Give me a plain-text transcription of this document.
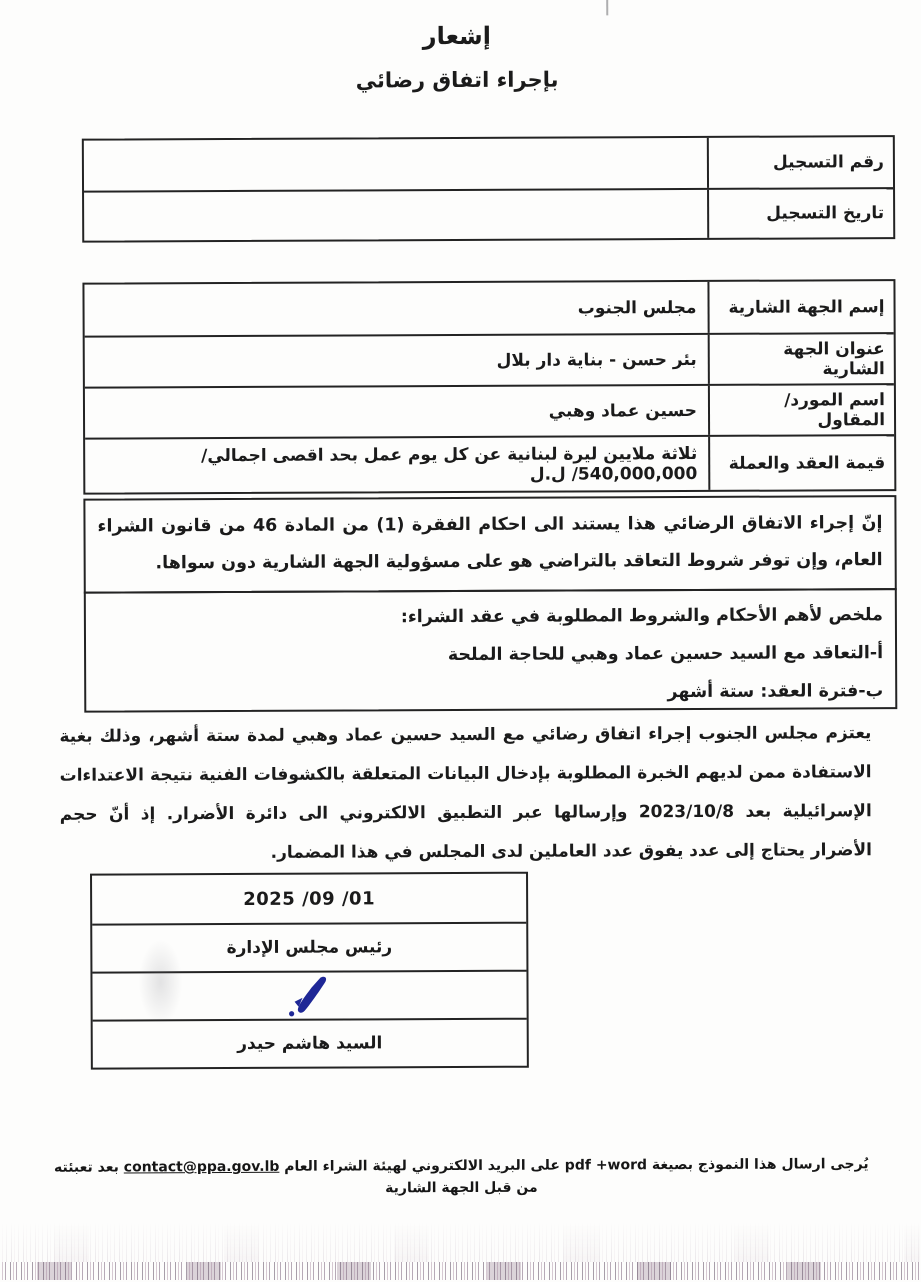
إشعار
بإجراء اتفاق رضائي
رقم التسجيل
تاريخ التسجيل
إسم الجهة الشارية
مجلس الجنوب
عنوان الجهة الشارية
بئر حسن - بناية دار بلال
اسم المورد/المقاول
حسين عماد وهبي
قيمة العقد والعملة
ثلاثة ملايين ليرة لبنانية عن كل يوم عمل بحد اقصى اجمالي/ 540,000,000/ ل.ل
إنّ إجراء الاتفاق الرضائي هذا يستند الى احكام الفقرة (1) من المادة 46 من قانون الشراء العام، وإن توفر شروط التعاقد بالتراضي هو على مسؤولية الجهة الشارية دون سواها.
ملخص لأهم الأحكام والشروط المطلوبة في عقد الشراء:
أ-التعاقد مع السيد حسين عماد وهبي للحاجة الملحة
ب-فترة العقد: ستة أشهر
يعتزم مجلس الجنوب إجراء اتفاق رضائي مع السيد حسين عماد وهبي لمدة ستة أشهر، وذلك بغية الاستفادة ممن لديهم الخبرة المطلوبة بإدخال البيانات المتعلقة بالكشوفات الفنية نتيجة الاعتداءات الإسرائيلية بعد 2023/10/8 وإرسالها عبر التطبيق الالكتروني الى دائرة الأضرار. إذ أنّ حجم الأضرار يحتاج إلى عدد يفوق عدد العاملين لدى المجلس في هذا المضمار.
2025 /09 /01
رئيس مجلس الإدارة
السيد هاشم حيدر
يُرجى ارسال هذا النموذج بصيغة pdf +word على البريد الالكتروني لهيئة الشراء العام contact@ppa.gov.lb بعد تعبئته من قبل الجهة الشارية
